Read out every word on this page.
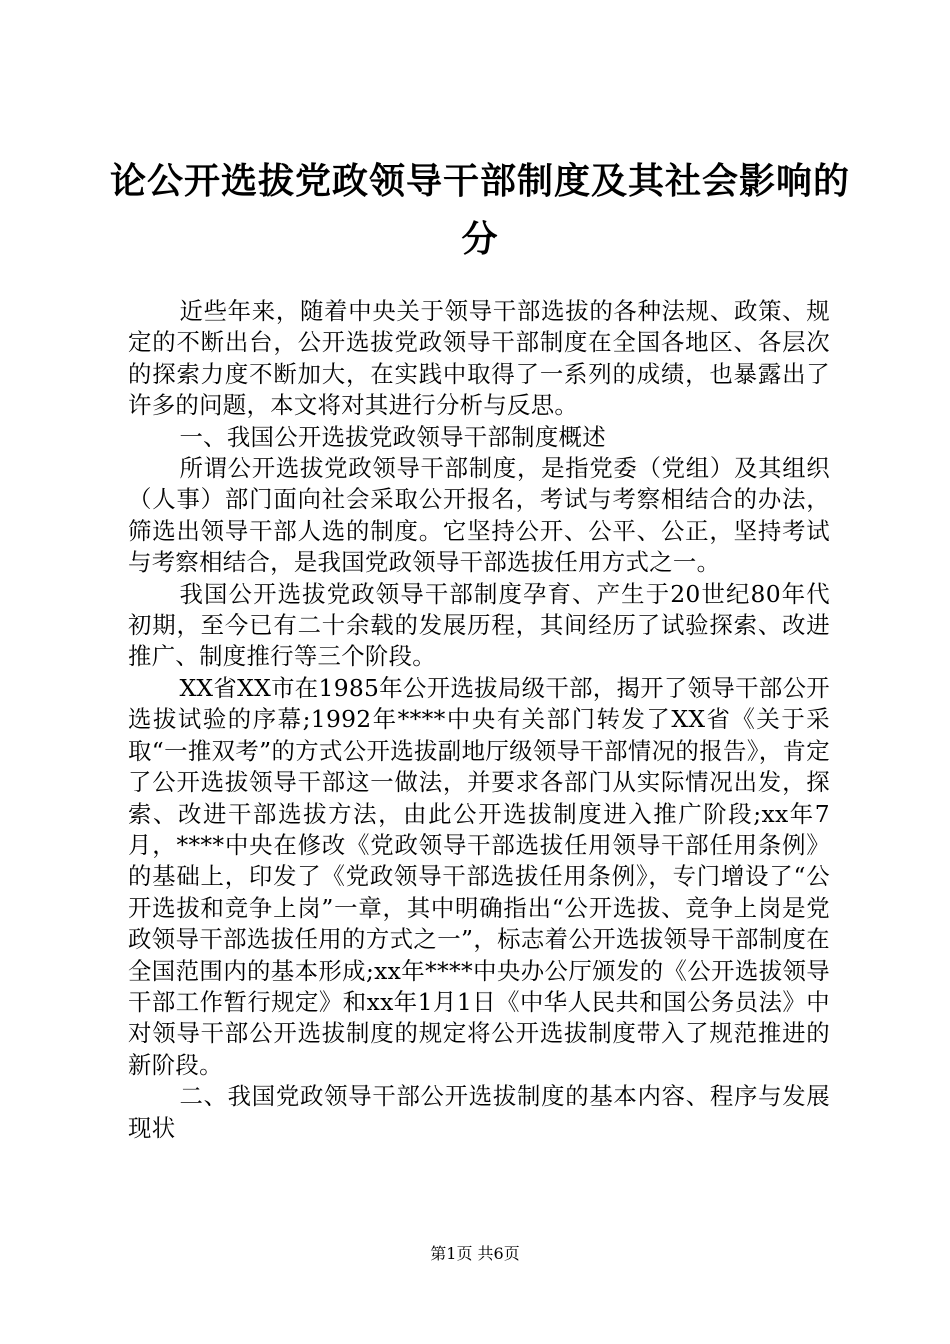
论公开选拔党政领导干部制度及其社会影响的分

近些年来，随着中央关于领导干部选拔的各种法规、政策、规定的不断出台，公开选拔党政领导干部制度在全国各地区、各层次的探索力度不断加大，在实践中取得了一系列的成绩，也暴露出了许多的问题，本文将对其进行分析与反思。

一、我国公开选拔党政领导干部制度概述

所谓公开选拔党政领导干部制度，是指党委（党组）及其组织（人事）部门面向社会采取公开报名，考试与考察相结合的办法，筛选出领导干部人选的制度。它坚持公开、公平、公正，坚持考试与考察相结合，是我国党政领导干部选拔任用方式之一。

我国公开选拔党政领导干部制度孕育、产生于20世纪80年代初期，至今已有二十余载的发展历程，其间经历了试验探索、改进推广、制度推行等三个阶段。

XX省XX市在1985年公开选拔局级干部，揭开了领导干部公开选拔试验的序幕;1992年****中央有关部门转发了XX省《关于采取“一推双考”的方式公开选拔副地厅级领导干部情况的报告》，肯定了公开选拔领导干部这一做法，并要求各部门从实际情况出发，探索、改进干部选拔方法，由此公开选拔制度进入推广阶段;xx年7月，****中央在修改《党政领导干部选拔任用领导干部任用条例》的基础上，印发了《党政领导干部选拔任用条例》，专门增设了“公开选拔和竞争上岗”一章，其中明确指出“公开选拔、竞争上岗是党政领导干部选拔任用的方式之一”，标志着公开选拔领导干部制度在全国范围内的基本形成;xx年****中央办公厅颁发的《公开选拔领导干部工作暂行规定》和xx年1月1日《中华人民共和国公务员法》中对领导干部公开选拔制度的规定将公开选拔制度带入了规范推进的新阶段。

二、我国党政领导干部公开选拔制度的基本内容、程序与发展现状

第1页 共6页
